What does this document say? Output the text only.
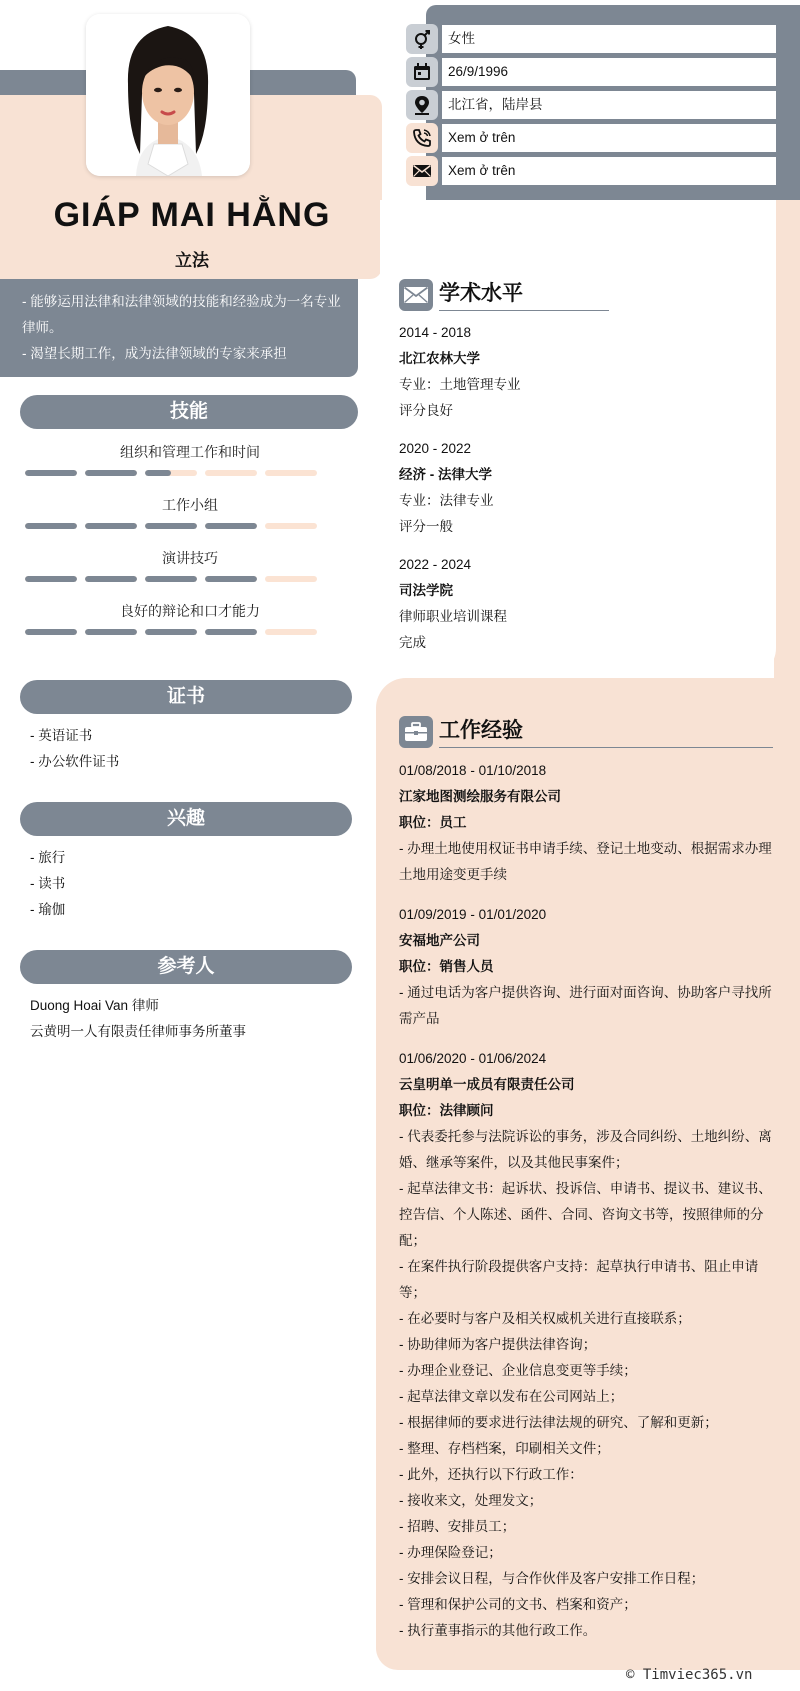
GIÁP MAI HẰNG
立法
- 能够运用法律和法律领域的技能和经验成为一名专业律师。
- 渴望长期工作，成为法律领域的专家来承担
女性
26/9/1996
北江省，陆岸县
Xem ở trên
Xem ở trên
技能
组织和管理工作和时间
工作小组
演讲技巧
良好的辩论和口才能力
证书
- 英语证书
- 办公软件证书
兴趣
- 旅行
- 读书
- 瑜伽
参考人
Duong Hoai Van 律师
云黄明一人有限责任律师事务所董事
学术水平
2014 - 2018
北江农林大学
专业：土地管理专业
评分良好
2020 - 2022
经济 - 法律大学
专业：法律专业
评分一般
2022 - 2024
司法学院
律师职业培训课程
完成
工作经验
01/08/2018 - 01/10/2018
江家地图测绘服务有限公司
职位：员工
- 办理土地使用权证书申请手续、登记土地变动、根据需求办理土地用途变更手续
01/09/2019 - 01/01/2020
安福地产公司
职位：销售人员
- 通过电话为客户提供咨询、进行面对面咨询、协助客户寻找所需产品
01/06/2020 - 01/06/2024
云皇明单一成员有限责任公司
职位：法律顾问
- 代表委托参与法院诉讼的事务，涉及合同纠纷、土地纠纷、离婚、继承等案件，以及其他民事案件；
- 起草法律文书：起诉状、投诉信、申请书、提议书、建议书、控告信、个人陈述、函件、合同、咨询文书等，按照律师的分配；
- 在案件执行阶段提供客户支持：起草执行申请书、阻止申请等；
- 在必要时与客户及相关权威机关进行直接联系；
- 协助律师为客户提供法律咨询；
- 办理企业登记、企业信息变更等手续；
- 起草法律文章以发布在公司网站上；
- 根据律师的要求进行法律法规的研究、了解和更新；
- 整理、存档档案，印刷相关文件；
- 此外，还执行以下行政工作：
- 接收来文，处理发文；
- 招聘、安排员工；
- 办理保险登记；
- 安排会议日程，与合作伙伴及客户安排工作日程；
- 管理和保护公司的文书、档案和资产；
- 执行董事指示的其他行政工作。
© Timviec365.vn
